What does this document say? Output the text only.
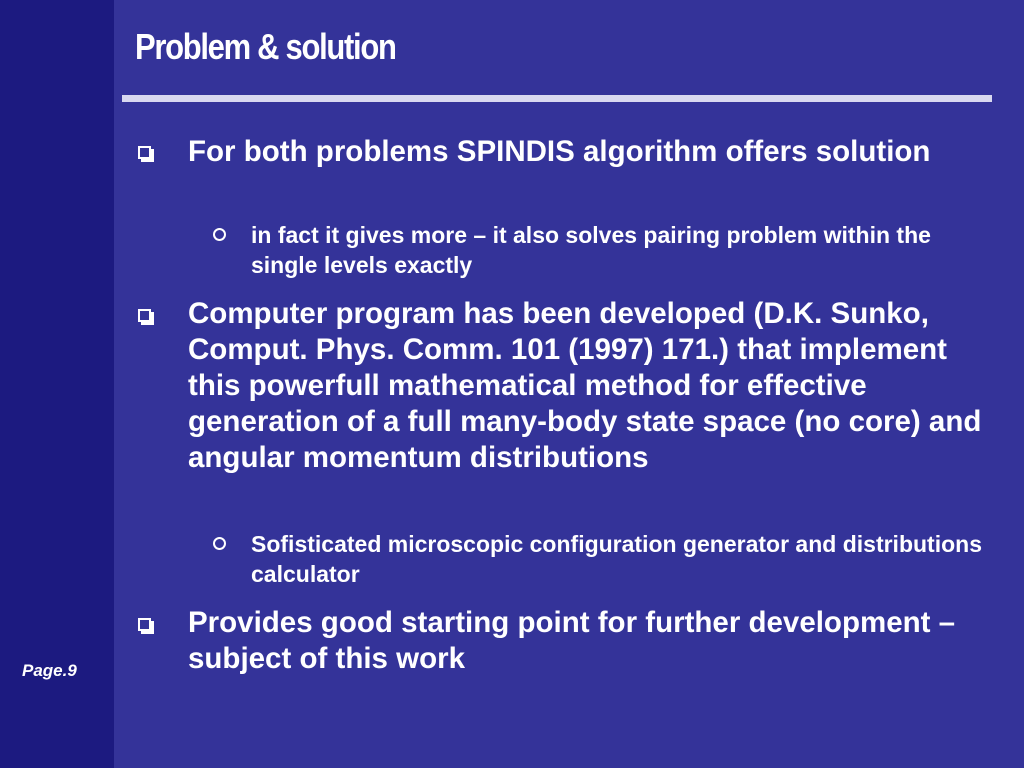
Page.9
Problem & solution
For both problems SPINDIS algorithm offers solution
in fact it gives more – it also solves pairing problem within the single levels exactly
Computer program has been developed (D.K. Sunko, Comput. Phys. Comm. 101 (1997) 171.) that implement this powerfull mathematical method for effective generation of a full many-body state space (no core) and angular momentum distributions
Sofisticated microscopic configuration generator and distributions calculator
Provides good starting point for further development – subject of this work
